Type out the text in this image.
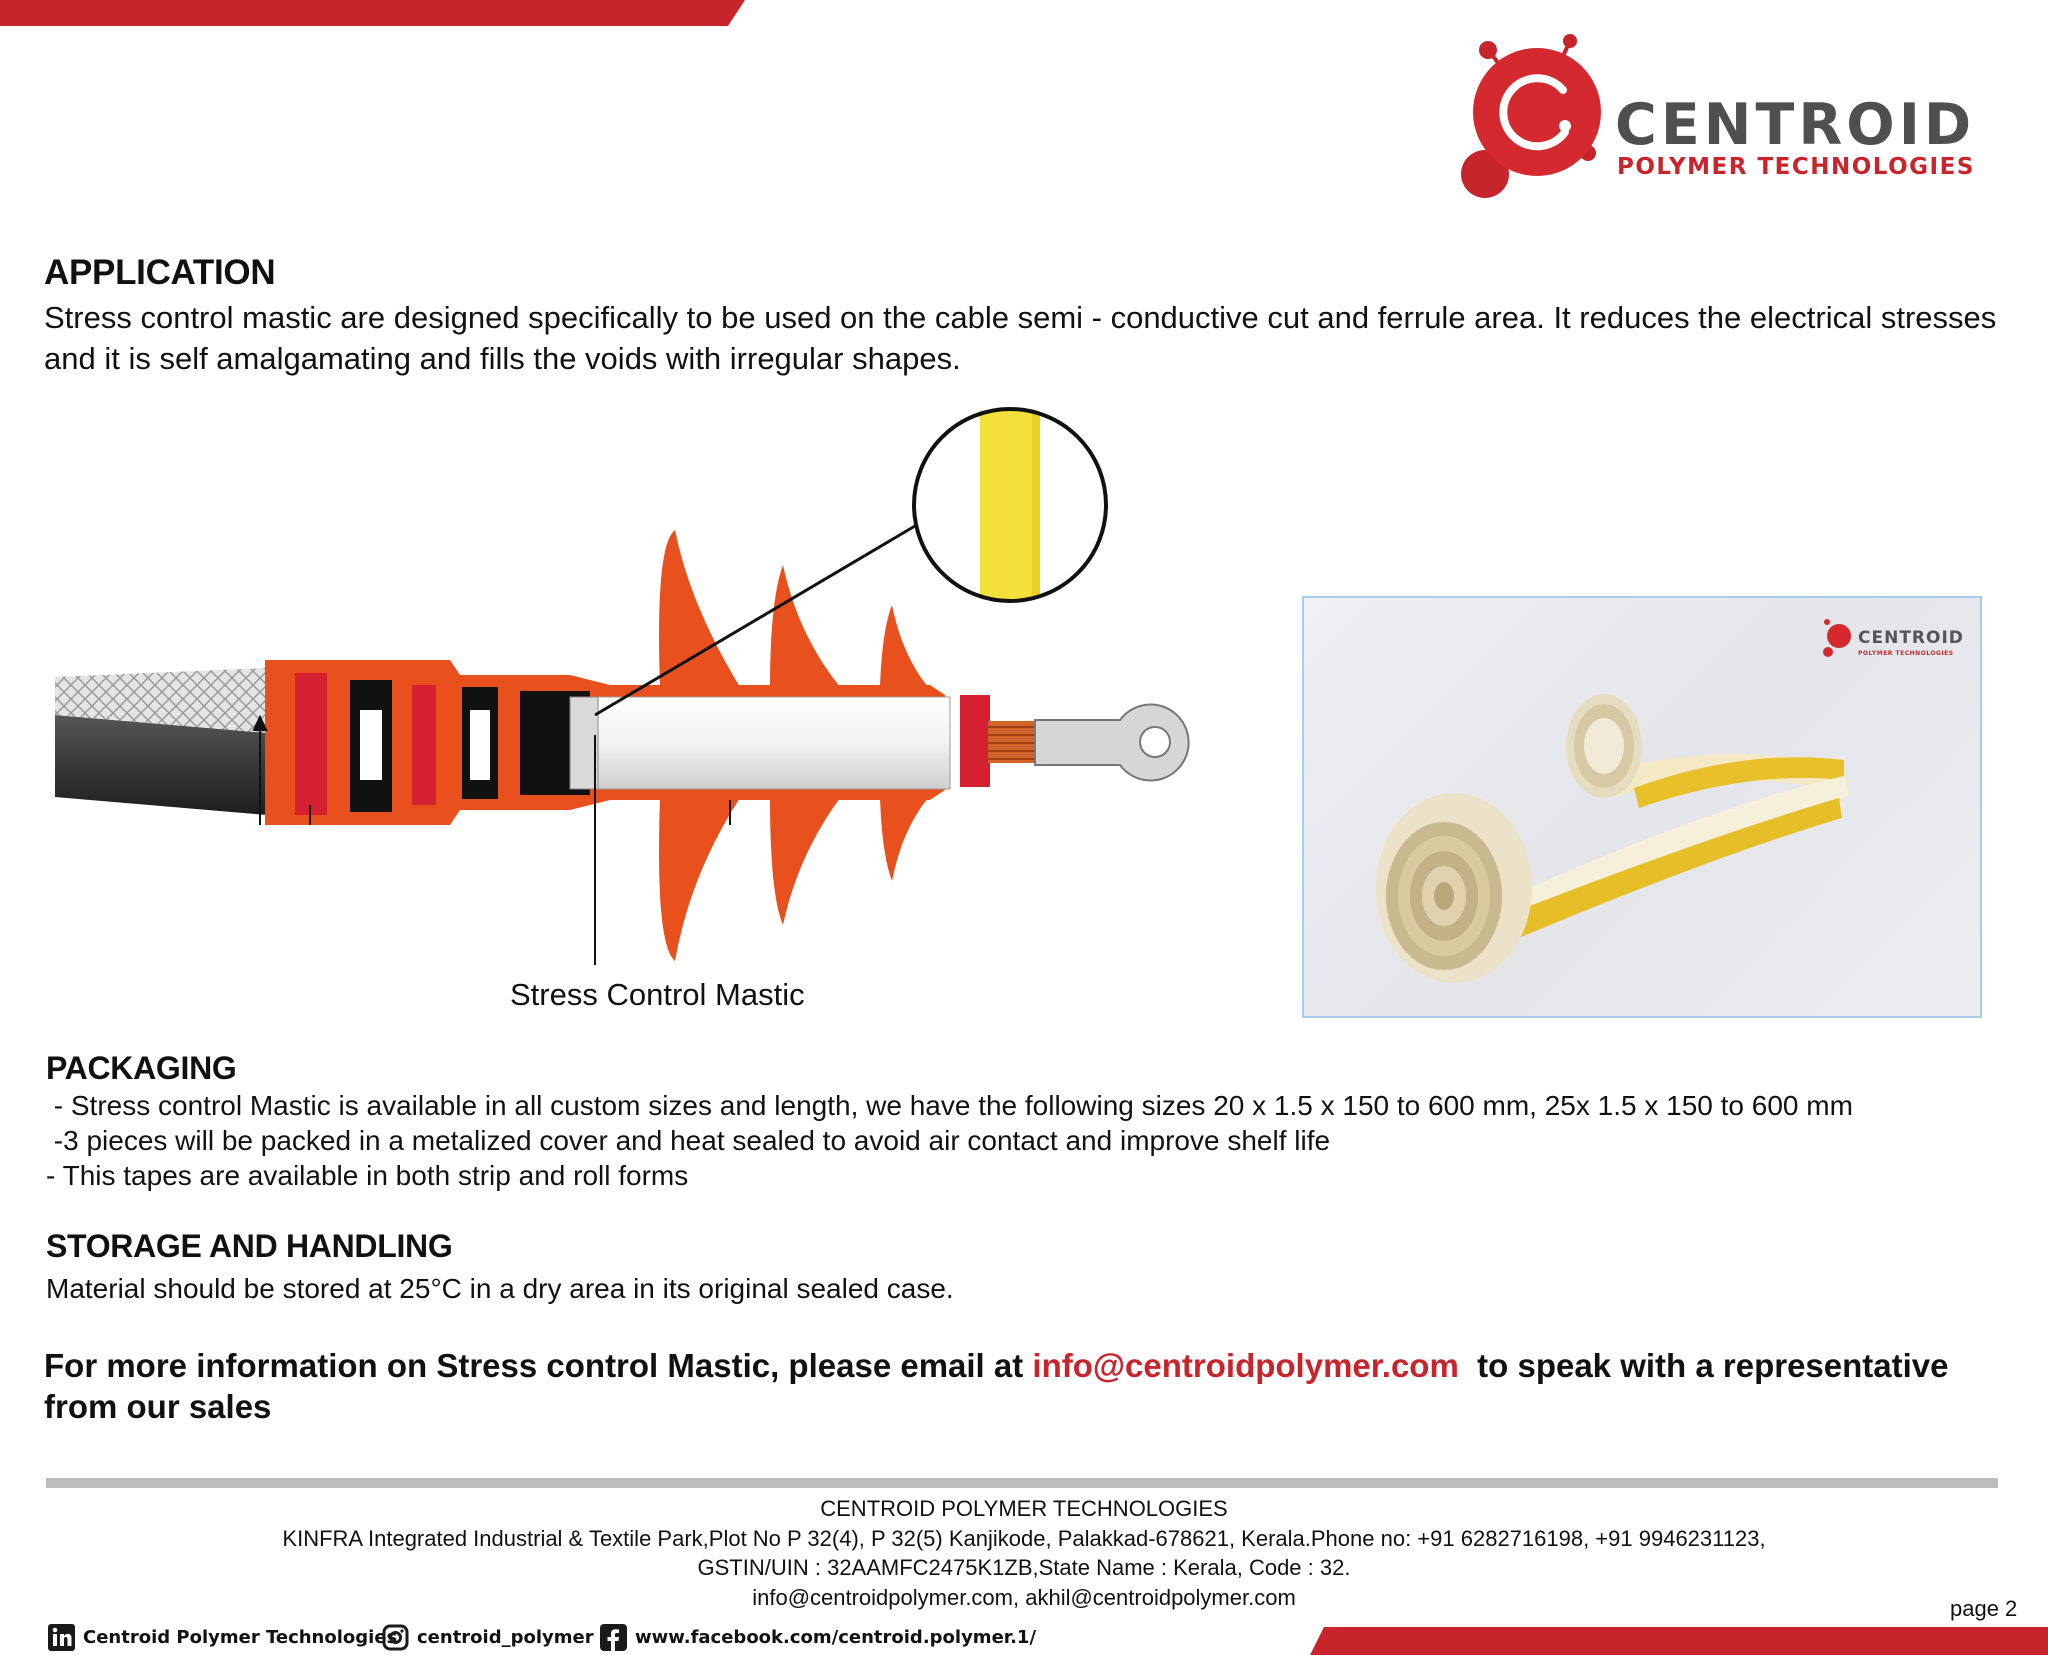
CENTROID
POLYMER TECHNOLOGIES
APPLICATION
Stress control mastic are designed specifically to be used on the cable semi - conductive cut and ferrule area. It reduces the electrical stresses and it is self amalgamating and fills the voids with irregular shapes.
Stress Control Mastic
CENTROID
POLYMER TECHNOLOGIES
PACKAGING
- Stress control Mastic is available in all custom sizes and length, we have the following sizes 20 x 1.5 x 150 to 600 mm, 25x 1.5 x 150 to 600 mm
-3 pieces will be packed in a metalized cover and heat sealed to avoid air contact and improve shelf life
- This tapes are available in both strip and roll forms
STORAGE AND HANDLING
Material should be stored at 25°C in a dry area in its original sealed case.
For more information on Stress control Mastic, please email at info@centroidpolymer.com  to speak with a representative from our sales
CENTROID POLYMER TECHNOLOGIES
KINFRA Integrated Industrial & Textile Park,Plot No P 32(4), P 32(5) Kanjikode, Palakkad-678621, Kerala.Phone no: +91 6282716198, +91 9946231123,
GSTIN/UIN : 32AAMFC2475K1ZB,State Name : Kerala, Code : 32.
info@centroidpolymer.com, akhil@centroidpolymer.com	page 2
Centroid Polymer Technologies centroid_polymer www.facebook.com/centroid.polymer.1/
